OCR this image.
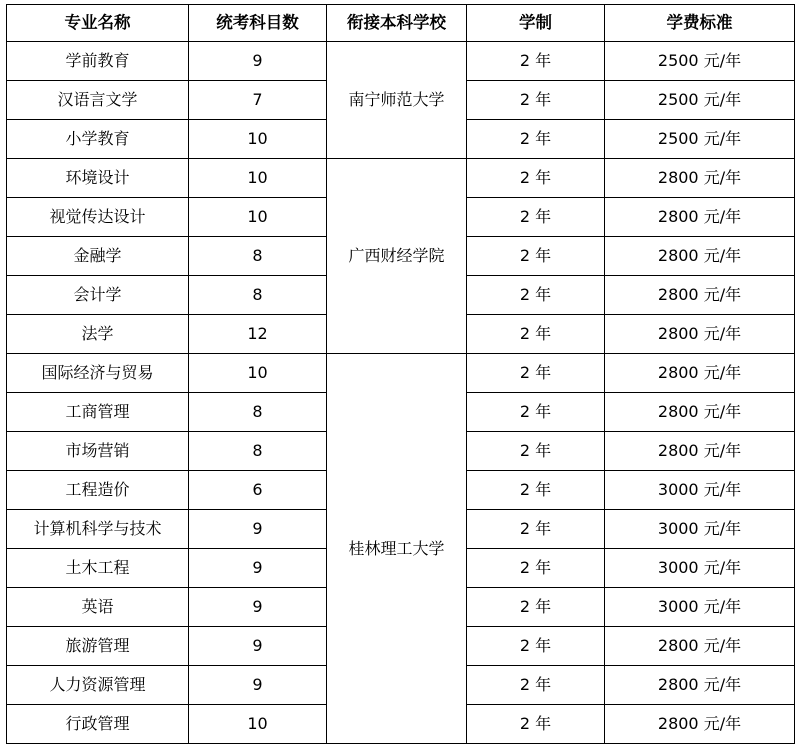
专业名称	统考科目数	衔接本科学校	学制	学费标准
学前教育	9	南宁师范大学	2 年	2500 元/年
汉语言文学	7		2 年	2500 元/年
小学教育	10		2 年	2500 元/年
环境设计	10	广西财经学院	2 年	2800 元/年
视觉传达设计	10		2 年	2800 元/年
金融学	8		2 年	2800 元/年
会计学	8		2 年	2800 元/年
法学	12		2 年	2800 元/年
国际经济与贸易	10	桂林理工大学	2 年	2800 元/年
工商管理	8		2 年	2800 元/年
市场营销	8		2 年	2800 元/年
工程造价	6		2 年	3000 元/年
计算机科学与技术	9		2 年	3000 元/年
土木工程	9		2 年	3000 元/年
英语	9		2 年	3000 元/年
旅游管理	9		2 年	2800 元/年
人力资源管理	9		2 年	2800 元/年
行政管理	10		2 年	2800 元/年
